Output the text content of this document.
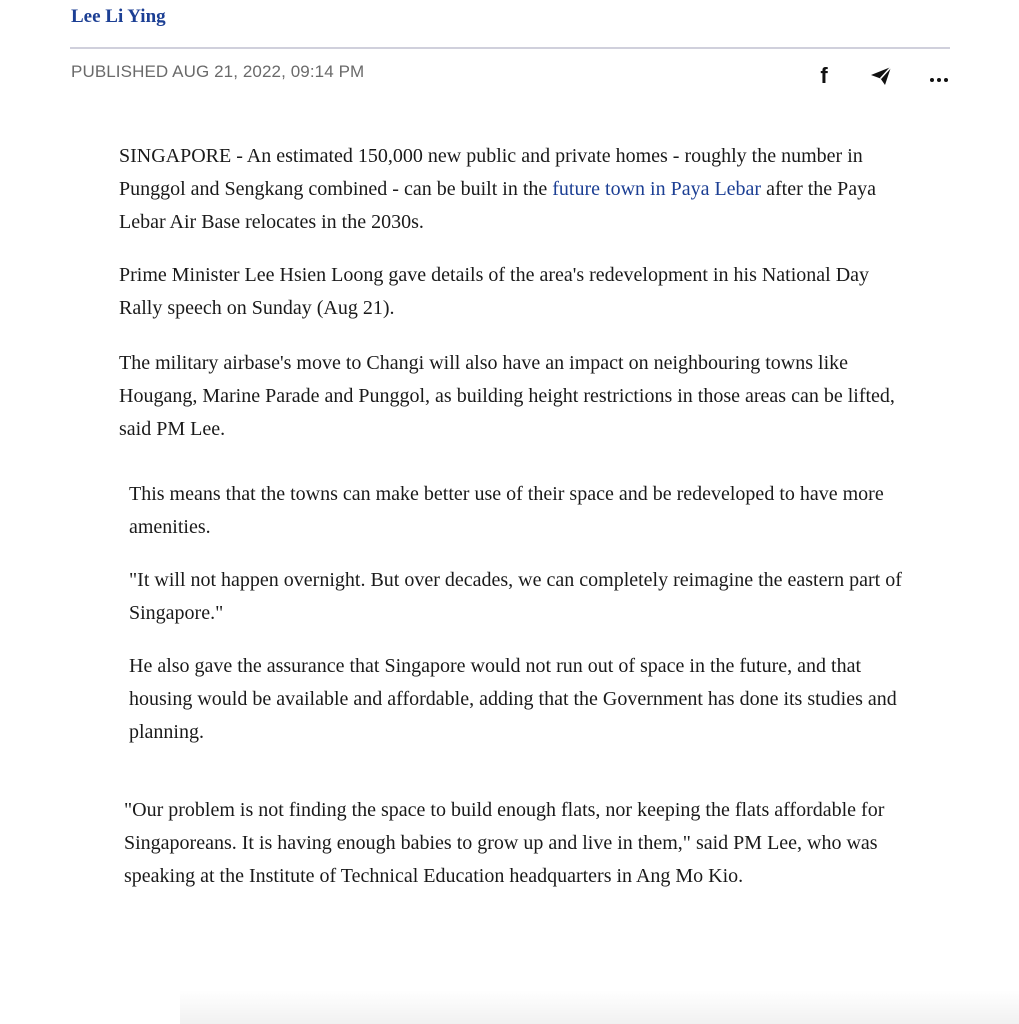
Lee Li Ying
PUBLISHED AUG 21, 2022, 09:14 PM	f

SINGAPORE - An estimated 150,000 new public and private homes - roughly the number in Punggol and Sengkang combined - can be built in the future town in Paya Lebar after the Paya Lebar Air Base relocates in the 2030s.

Prime Minister Lee Hsien Loong gave details of the area's redevelopment in his National Day Rally speech on Sunday (Aug 21).

The military airbase's move to Changi will also have an impact on neighbouring towns like Hougang, Marine Parade and Punggol, as building height restrictions in those areas can be lifted, said PM Lee.

This means that the towns can make better use of their space and be redeveloped to have more amenities.

"It will not happen overnight. But over decades, we can completely reimagine the eastern part of Singapore."

He also gave the assurance that Singapore would not run out of space in the future, and that housing would be available and affordable, adding that the Government has done its studies and planning.

"Our problem is not finding the space to build enough flats, nor keeping the flats affordable for Singaporeans. It is having enough babies to grow up and live in them," said PM Lee, who was speaking at the Institute of Technical Education headquarters in Ang Mo Kio.
